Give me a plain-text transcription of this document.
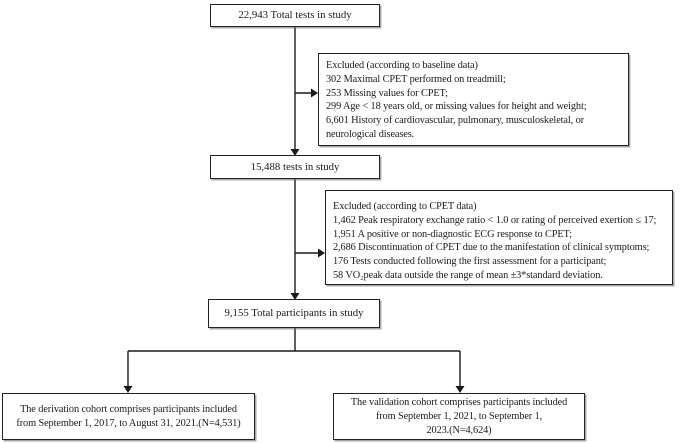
22,943 Total tests in study
Excluded (according to baseline data)
302 Maximal CPET performed on treadmill;
253 Missing values for CPET;
299 Age < 18 years old, or missing values for height and weight;
6,601 History of cardiovascular, pulmonary, musculoskeletal, or
neurological diseases.
15,488 tests in study
Excluded (according to CPET data)
1,462 Peak respiratory exchange ratio < 1.0 or rating of perceived exertion ≤ 17;
1,951 A positive or non-diagnostic ECG response to CPET;
2,686 Discontinuation of CPET due to the manifestation of clinical symptoms;
176 Tests conducted following the first assessment for a participant;
58 VO₂peak data outside the range of mean ±3*standard deviation.
9,155 Total participants in study
The derivation cohort comprises participants included
from September 1, 2017, to August 31, 2021.(N=4,531)
The validation cohort comprises participants included
from September 1, 2021, to September 1,
2023.(N=4,624)
